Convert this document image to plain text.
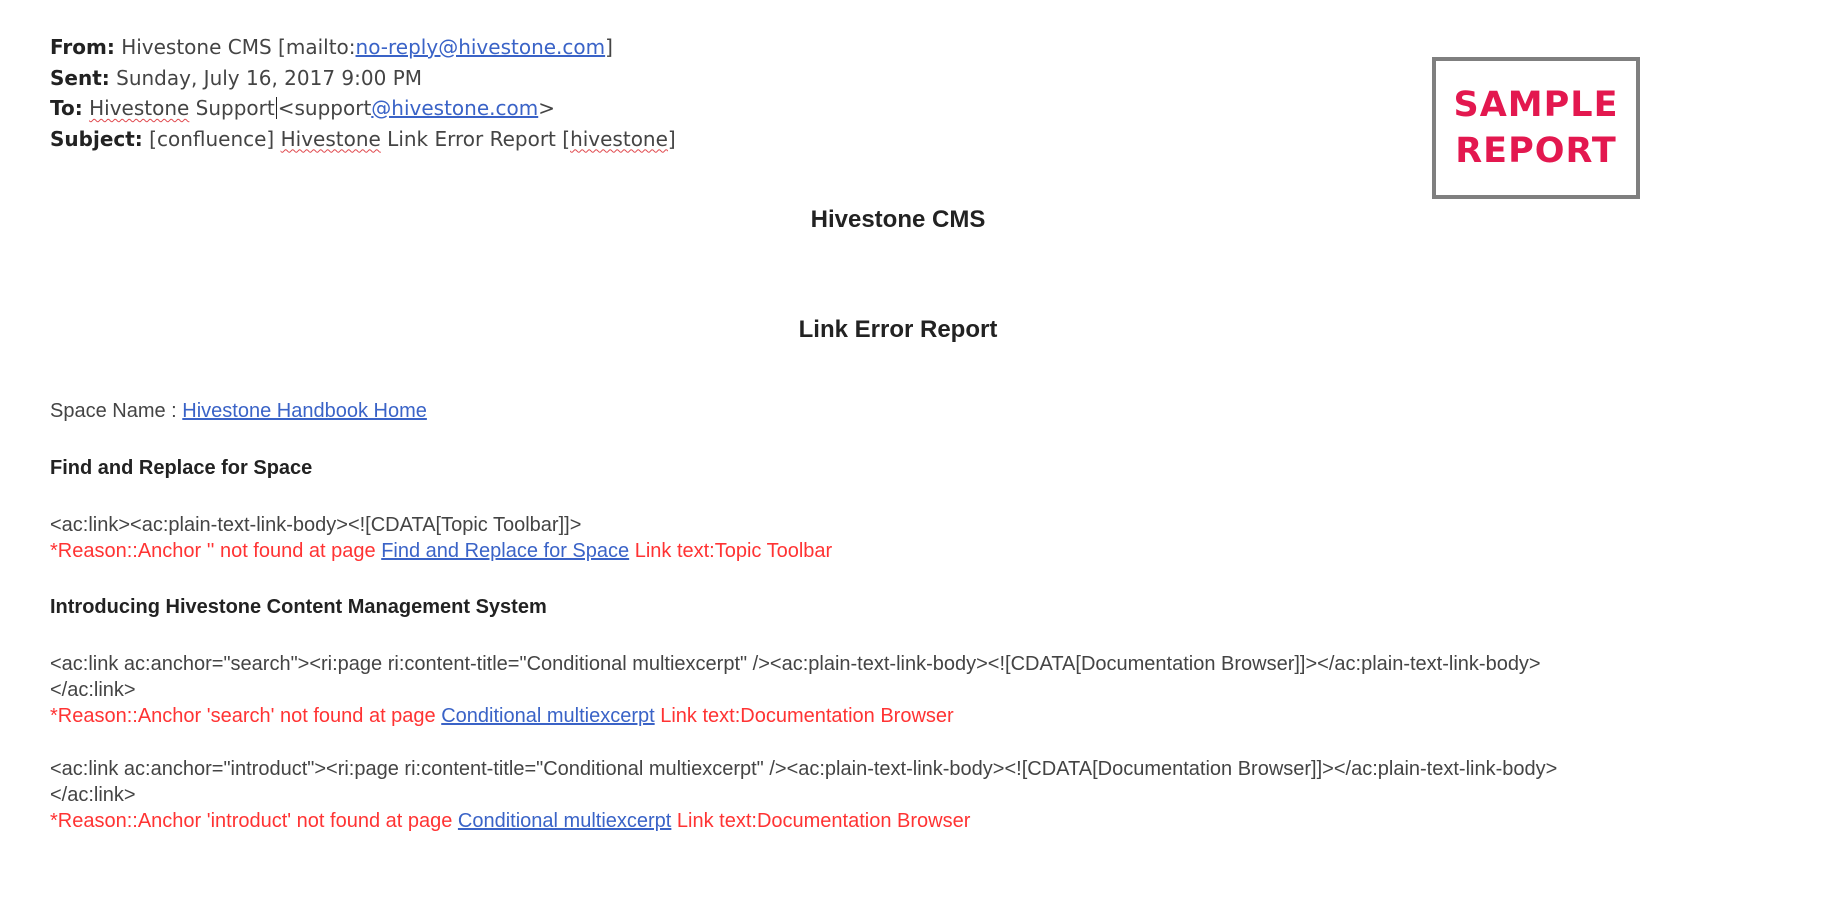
From: Hivestone CMS [mailto:no-reply@hivestone.com]
Sent: Sunday, July 16, 2017 9:00 PM
To: Hivestone Support <support@hivestone.com>
Subject: [confluence] Hivestone Link Error Report [hivestone]
SAMPLE
REPORT
Hivestone CMS
Link Error Report
Space Name : Hivestone Handbook Home
Find and Replace for Space
<ac:link><ac:plain-text-link-body><![CDATA[Topic Toolbar]]>
*Reason::Anchor '' not found at page Find and Replace for Space Link text:Topic Toolbar
Introducing Hivestone Content Management System
<ac:link ac:anchor="search"><ri:page ri:content-title="Conditional multiexcerpt" /><ac:plain-text-link-body><![CDATA[Documentation Browser]]></ac:plain-text-link-body>
</ac:link>
*Reason::Anchor 'search' not found at page Conditional multiexcerpt Link text:Documentation Browser
<ac:link ac:anchor="introduct"><ri:page ri:content-title="Conditional multiexcerpt" /><ac:plain-text-link-body><![CDATA[Documentation Browser]]></ac:plain-text-link-body>
</ac:link>
*Reason::Anchor 'introduct' not found at page Conditional multiexcerpt Link text:Documentation Browser
